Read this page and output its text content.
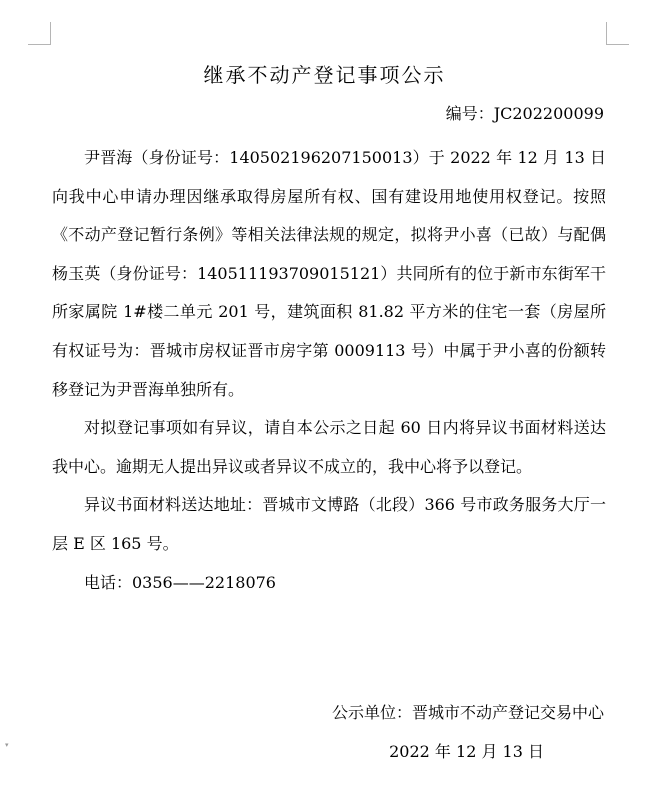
继承不动产登记事项公示
编号：JC202200099

尹晋海（身份证号：140502196207150013）于 2022 年 12 月 13 日向我中心申请办理因继承取得房屋所有权、国有建设用地使用权登记。按照《不动产登记暂行条例》等相关法律法规的规定，拟将尹小喜（已故）与配偶杨玉英（身份证号：140511193709015121）共同所有的位于新市东街军干所家属院 1#楼二单元 201 号，建筑面积 81.82 平方米的住宅一套（房屋所有权证号为：晋城市房权证晋市房字第 0009113 号）中属于尹小喜的份额转移登记为尹晋海单独所有。

对拟登记事项如有异议，请自本公示之日起 60 日内将异议书面材料送达我中心。逾期无人提出异议或者异议不成立的，我中心将予以登记。

异议书面材料送达地址：晋城市文博路（北段）366 号市政务服务大厅一层 E 区 165 号。

电话：0356——2218076

公示单位：晋城市不动产登记交易中心
2022 年 12 月 13 日
▾
